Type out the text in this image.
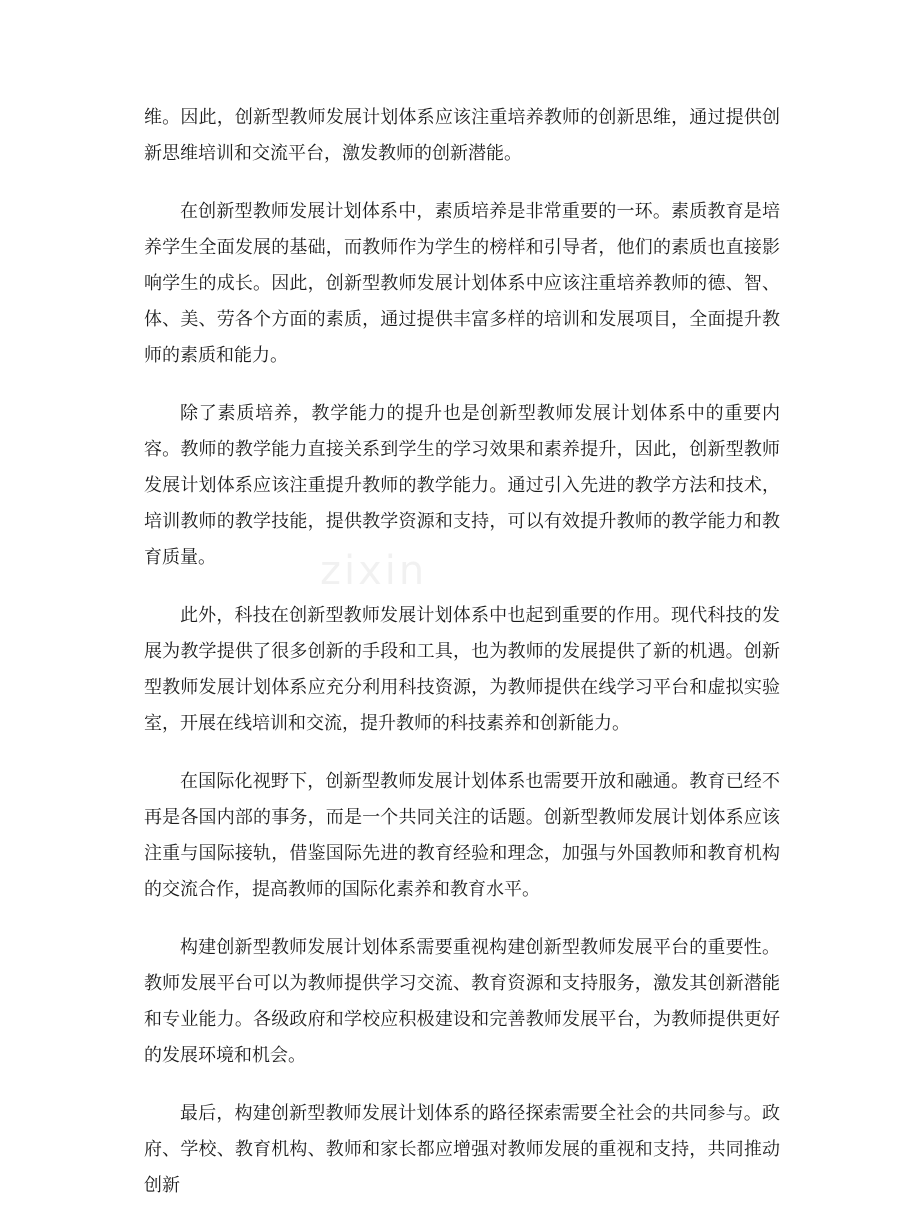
维。因此，创新型教师发展计划体系应该注重培养教师的创新思维，通过提供创新思维培训和交流平台，激发教师的创新潜能。

在创新型教师发展计划体系中，素质培养是非常重要的一环。素质教育是培养学生全面发展的基础，而教师作为学生的榜样和引导者，他们的素质也直接影响学生的成长。因此，创新型教师发展计划体系中应该注重培养教师的德、智、体、美、劳各个方面的素质，通过提供丰富多样的培训和发展项目，全面提升教师的素质和能力。

除了素质培养，教学能力的提升也是创新型教师发展计划体系中的重要内容。教师的教学能力直接关系到学生的学习效果和素养提升，因此，创新型教师发展计划体系应该注重提升教师的教学能力。通过引入先进的教学方法和技术，培训教师的教学技能，提供教学资源和支持，可以有效提升教师的教学能力和教育质量。

此外，科技在创新型教师发展计划体系中也起到重要的作用。现代科技的发展为教学提供了很多创新的手段和工具，也为教师的发展提供了新的机遇。创新型教师发展计划体系应充分利用科技资源，为教师提供在线学习平台和虚拟实验室，开展在线培训和交流，提升教师的科技素养和创新能力。

在国际化视野下，创新型教师发展计划体系也需要开放和融通。教育已经不再是各国内部的事务，而是一个共同关注的话题。创新型教师发展计划体系应该注重与国际接轨，借鉴国际先进的教育经验和理念，加强与外国教师和教育机构的交流合作，提高教师的国际化素养和教育水平。

构建创新型教师发展计划体系需要重视构建创新型教师发展平台的重要性。教师发展平台可以为教师提供学习交流、教育资源和支持服务，激发其创新潜能和专业能力。各级政府和学校应积极建设和完善教师发展平台，为教师提供更好的发展环境和机会。

最后，构建创新型教师发展计划体系的路径探索需要全社会的共同参与。政府、学校、教育机构、教师和家长都应增强对教师发展的重视和支持，共同推动创新

zixin
